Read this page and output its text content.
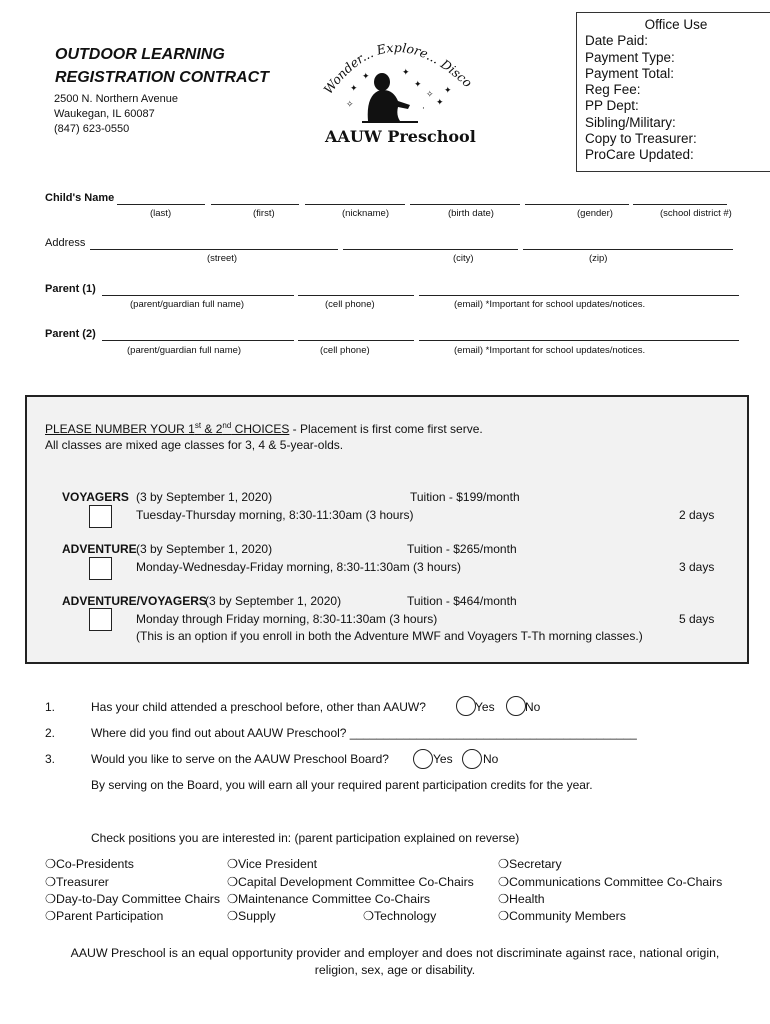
OUTDOOR LEARNING
REGISTRATION CONTRACT
2500 N. Northern Avenue
Waukegan, IL 60087
(847) 623-0550
Wonder... Explore... Disco
✦
✧
✦
✦
✧
✦
·
✦
✦
AAUW Preschool
Office Use
Date Paid:
Payment Type:
Payment Total:
Reg Fee:
PP Dept:
Sibling/Military:
Copy to Treasurer:
ProCare Updated:
Child's Name
(last)	(first)	(nickname)	(birth date)	(gender)	(school district #)
Address
(street)	(city)	(zip)
Parent (1)
(parent/guardian full name)	(cell phone)	(email) *Important for school updates/notices.
Parent (2)
(parent/guardian full name)	(cell phone)	(email) *Important for school updates/notices.
PLEASE NUMBER YOUR 1st & 2nd CHOICES - Placement is first come first serve.
All classes are mixed age classes for 3, 4 & 5-year-olds.
VOYAGERS (3 by September 1, 2020)	Tuition - $199/month
Tuesday-Thursday morning, 8:30-11:30am (3 hours)	2 days
ADVENTURE (3 by September 1, 2020)	Tuition - $265/month
Monday-Wednesday-Friday morning, 8:30-11:30am (3 hours)	3 days
ADVENTURE/VOYAGERS
(3 by September 1, 2020)	Tuition - $464/month
Monday through Friday morning, 8:30-11:30am (3 hours)	5 days
(This is an option if you enroll in both the Adventure MWF and Voyagers T-Th morning classes.)
1.	Has your child attended a preschool before, other than AAUW?	Yes	No
2.	Where did you find out about AAUW Preschool? ___________________________________________
3.	Would you like to serve on the AAUW Preschool Board?	Yes	No
By serving on the Board, you will earn all your required parent participation credits for the year.
Check positions you are interested in: (parent participation explained on reverse)
❍Co-Presidents	❍Vice President	❍Secretary
❍Treasurer	❍Capital Development Committee Co-Chairs ❍Communications Committee Co-Chairs
❍Day-to-Day Committee Chairs ❍Maintenance Committee Co-Chairs	❍Health
❍Parent Participation	❍Supply	❍Technology	❍Community Members
AAUW Preschool is an equal opportunity provider and employer and does not discriminate against race, national origin,
religion, sex, age or disability.
